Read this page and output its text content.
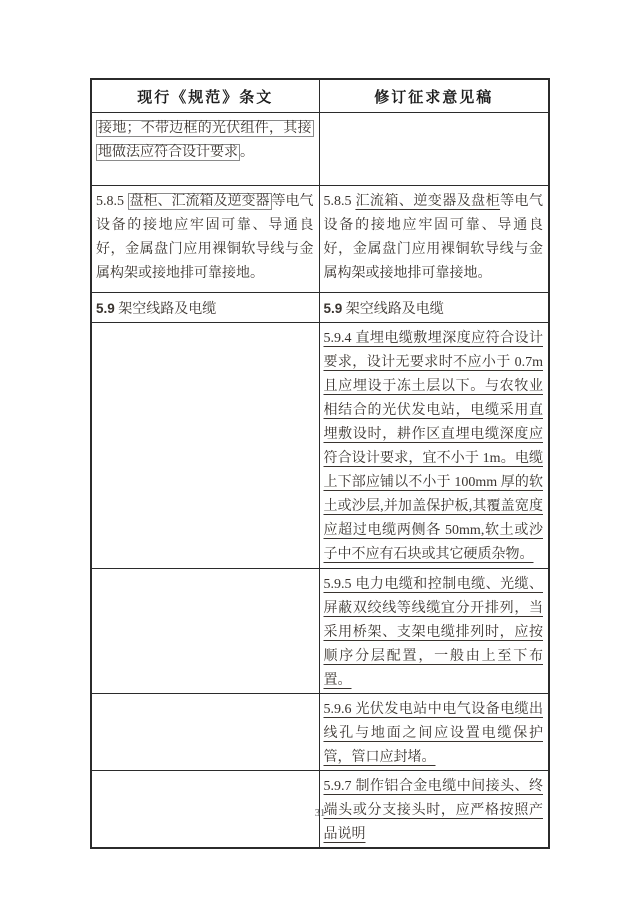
现行《规范》条文	修订征求意见稿
接地；不带边框的光伏组件，其接地做法应符合设计要求 。	
5.8.5 盘柜、汇流箱及逆变器 等电气设备的接地应牢固可靠、导通良好，金属盘门应用裸铜软导线与金属构架或接地排可靠接地。	5.8.5 汇流箱、逆变器及盘柜等电气设备的接地应牢固可靠、导通良好，金属盘门应用裸铜软导线与金属构架或接地排可靠接地。
5.9 架空线路及电缆	5.9 架空线路及电缆
	5.9.4 直埋电缆敷埋深度应符合设计要求，设计无要求时不应小于 0.7m 且应埋设于冻土层以下。与农牧业相结合的光伏发电站，电缆采用直埋敷设时，耕作区直埋电缆深度应符合设计要求，宜不小于 1m。电缆上下部应铺以不小于 100mm 厚的软土或沙层,并加盖保护板,其覆盖宽度应超过电缆两侧各 50mm,软土或沙子中不应有石块或其它硬质杂物。
	5.9.5 电力电缆和控制电缆、光缆、屏蔽双绞线等线缆宜分开排列，当采用桥架、支架电缆排列时，应按顺序分层配置，一般由上至下布置。
	5.9.6 光伏发电站中电气设备电缆出线孔与地面之间应设置电缆保护管，管口应封堵。
	5.9.7 制作铝合金电缆中间接头、终端头或分支接头时，应严格按照产品说明
31
